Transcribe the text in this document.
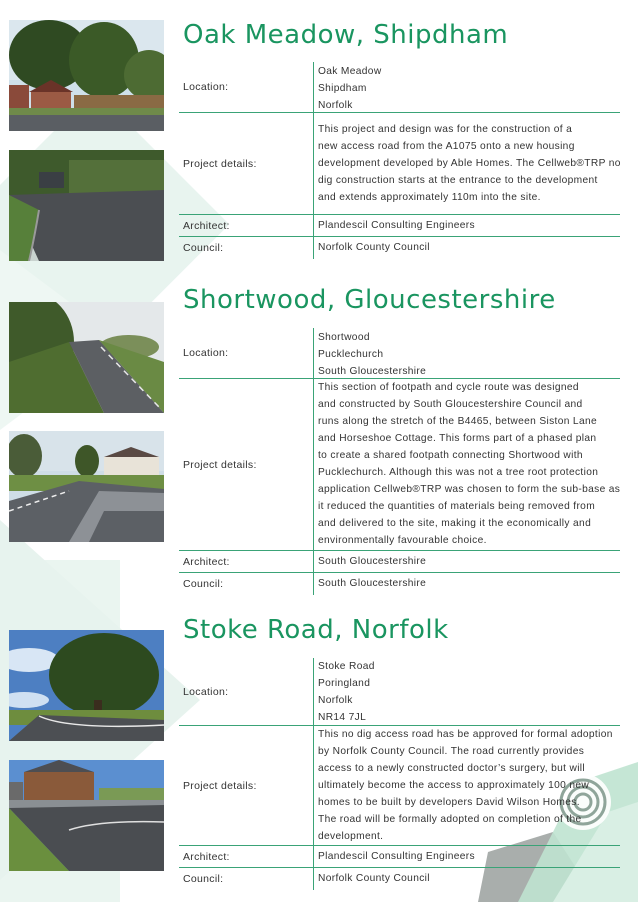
Oak Meadow, Shipdham
Location:
Oak Meadow
Shipdham
Norfolk
Project details:
This project and design was for the construction of a
new access road from the A1075 onto a new housing
development developed by Able Homes. The Cellweb®TRP no
dig construction starts at the entrance to the development
and extends approximately 110m into the site.
Architect:	Plandescil Consulting Engineers
Council:	Norfolk County Council
Shortwood, Gloucestershire
Location:
Shortwood
Pucklechurch
South Gloucestershire
Project details:
This section of footpath and cycle route was designed
and constructed by South Gloucestershire Council and
runs along the stretch of the B4465, between Siston Lane
and Horseshoe Cottage. This forms part of a phased plan
to create a shared footpath connecting Shortwood with
Pucklechurch. Although this was not a tree root protection
application Cellweb®TRP was chosen to form the sub-base as
it reduced the quantities of materials being removed from
and delivered to the site, making it the economically and
environmentally favourable choice.
Architect:	South Gloucestershire
Council:	South Gloucestershire
Stoke Road, Norfolk
Location:
Stoke Road
Poringland
Norfolk
NR14 7JL
Project details:
This no dig access road has be approved for formal adoption
by Norfolk County Council. The road currently provides
access to a newly constructed doctor’s surgery, but will
ultimately become the access to approximately 100 new
homes to be built by developers David Wilson Homes.
The road will be formally adopted on completion of the
development.
Architect:	Plandescil Consulting Engineers
Council:	Norfolk County Council
